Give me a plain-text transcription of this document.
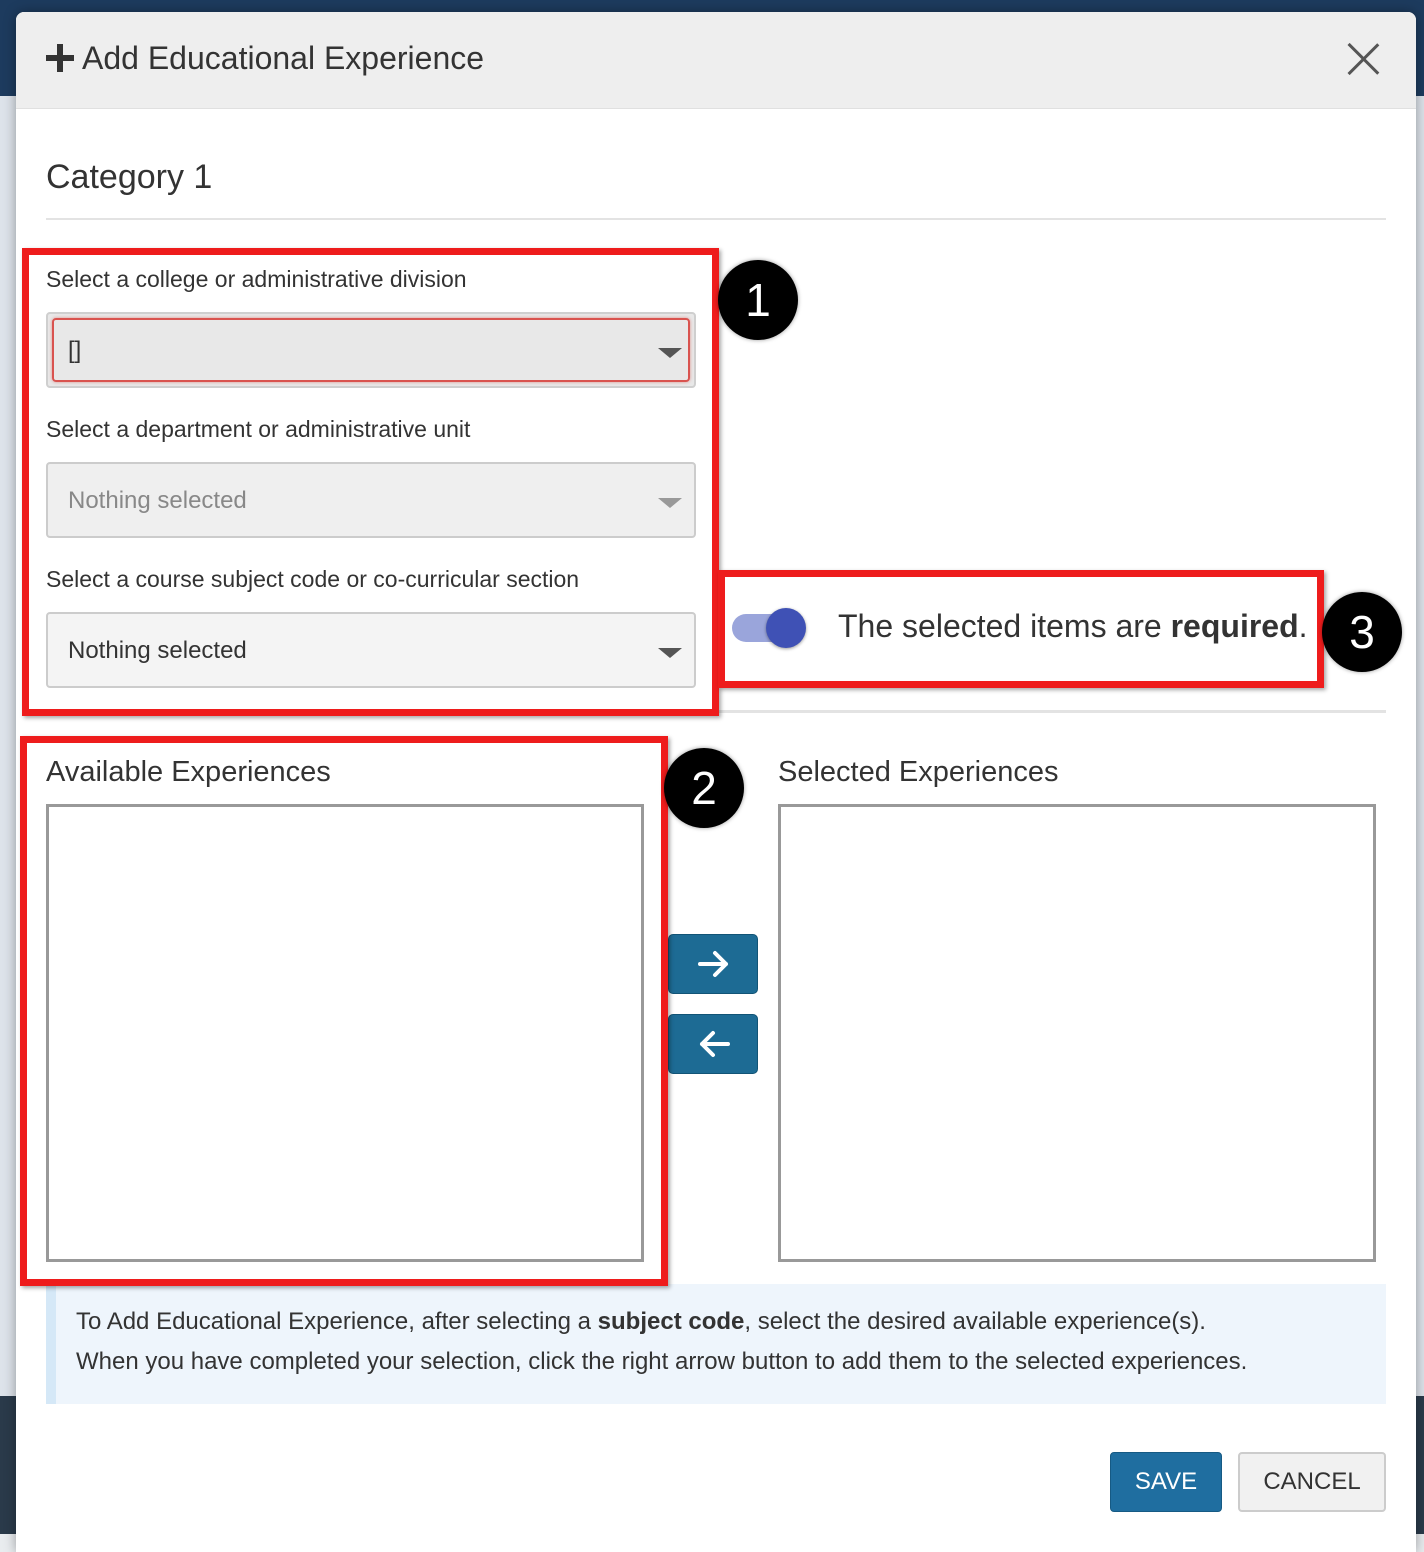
Add Educational Experience
Category 1
Select a college or administrative division
[]
Select a department or administrative unit
Nothing selected
Select a course subject code or co-curricular section
Nothing selected
The selected items are required.
Available Experiences	Selected Experiences
To Add Educational Experience, after selecting a subject code, select the desired available experience(s).
When you have completed your selection, click the right arrow button to add them to the selected experiences.
SAVE	CANCEL
1
2
3
